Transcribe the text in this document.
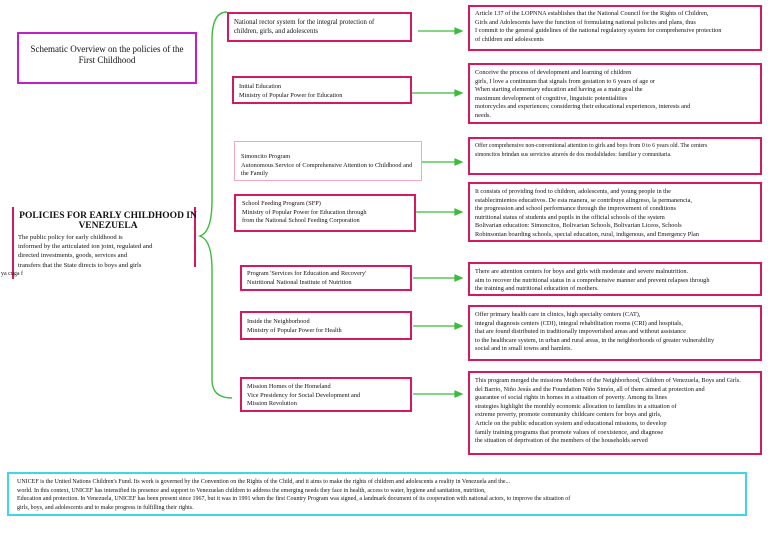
Schematic Overview on the policies of the
First Childhood
POLICIES FOR EARLY CHILDHOOD IN VENEZUELA
The public policy for early childhood is
informed by the articulated ion joint, regulated and
directed investments, goods, services and
transfers that the State directs to boys and girls
ya cuga f
National rector system for the integral protection of
children, girls, and adolescents
Initial Education
Ministry of Popular Power for Education
Simoncito Program
Autonomous Service of Comprehensive Attention to Childhood and
the Family
School Feeding Program (SFP)
Ministry of Popular Power for Education through
from the National School Feeding Corporation
Program 'Services for Education and Recovery'
Nutritional National Institute of Nutrition
Inside the Neighborhood
Ministry of Popular Power for Health
Mission Homes of the Homeland
Vice Presidency for Social Development and
Mission Revolution
Article 137 of the LOPNNA establishes that the National Council for the Rights of Children,
Girls and Adolescents have the function of formulating national policies and plans, thus
I commit to the general guidelines of the national regulatory system for comprehensive protection
of children and adolescents
Conceive the process of development and learning of children
girls, I love a continuum that signals from gestation to 6 years of age or
When starting elementary education and having as a main goal the
maximum development of cognitive, linguistic potentialities
motorcycles and experiences; considering their educational experiences, interests and
needs.
Offer comprehensive non-conventional attention to girls and boys from 0 to 6 years old. The centers
simoncitos brindan sus servicios através de dos modalidades: familiar y comunitaria.
It consists of providing food to children, adolescents, and young people in the
establecimientos educativos. De esta manera, se contribuye alingreso, la permanencia,
the progression and school performance through the improvement of conditions
nutritional status of students and pupils in the official schools of the system
Bolivarian education: Simoncitos, Bolivarian Schools, Bolivarian Liceos, Schools
Robinsonian boarding schools, special education, rural, indigenous, and Emergency Plan
There are attention centers for boys and girls with moderate and severe malnutrition.
aim to recover the nutritional status in a comprehensive manner and prevent relapses through
the training and nutritional education of mothers.
Offer primary health care in clinics, high specialty centers (CAT),
integral diagnosis centers (CDI), integral rehabilitation rooms (CRI) and hospitals,
that are found distributed in traditionally impoverished areas and without assistance
to the healthcare system, in urban and rural areas, in the neighborhoods of greater vulnerability
social and in small towns and hamlets.
This program merged the missions Mothers of the Neighborhood, Children of Venezuela, Boys and Girls.
del Barrio, Niño Jesús and the Foundation Niño Simón, all of them aimed at protection and
guarantee of social rights in homes in a situation of poverty. Among its lines
strategies highlight the monthly economic allocation to families in a situation of
extreme poverty, promote community childcare centers for boys and girls,
Article on the public education system and educational missions, to develop
family training programs that promote values of coexistence, and diagnose
the situation of deprivation of the members of the households served
UNICEF is the United Nations Children's Fund. Its work is governed by the Convention on the Rights of the Child, and it aims to make the rights of children and adolescents a reality in Venezuela and the...
world. In this context, UNICEF has intensified its presence and support to Venezuelan children to address the emerging needs they face in health, access to water, hygiene and sanitation, nutrition,
Education and protection. In Venezuela, UNICEF has been present since 1967, but it was in 1991 when the first Country Program was signed, a landmark document of its cooperation with national actors, to improve the situation of
girls, boys, and adolescents and to make progress in fulfilling their rights.
